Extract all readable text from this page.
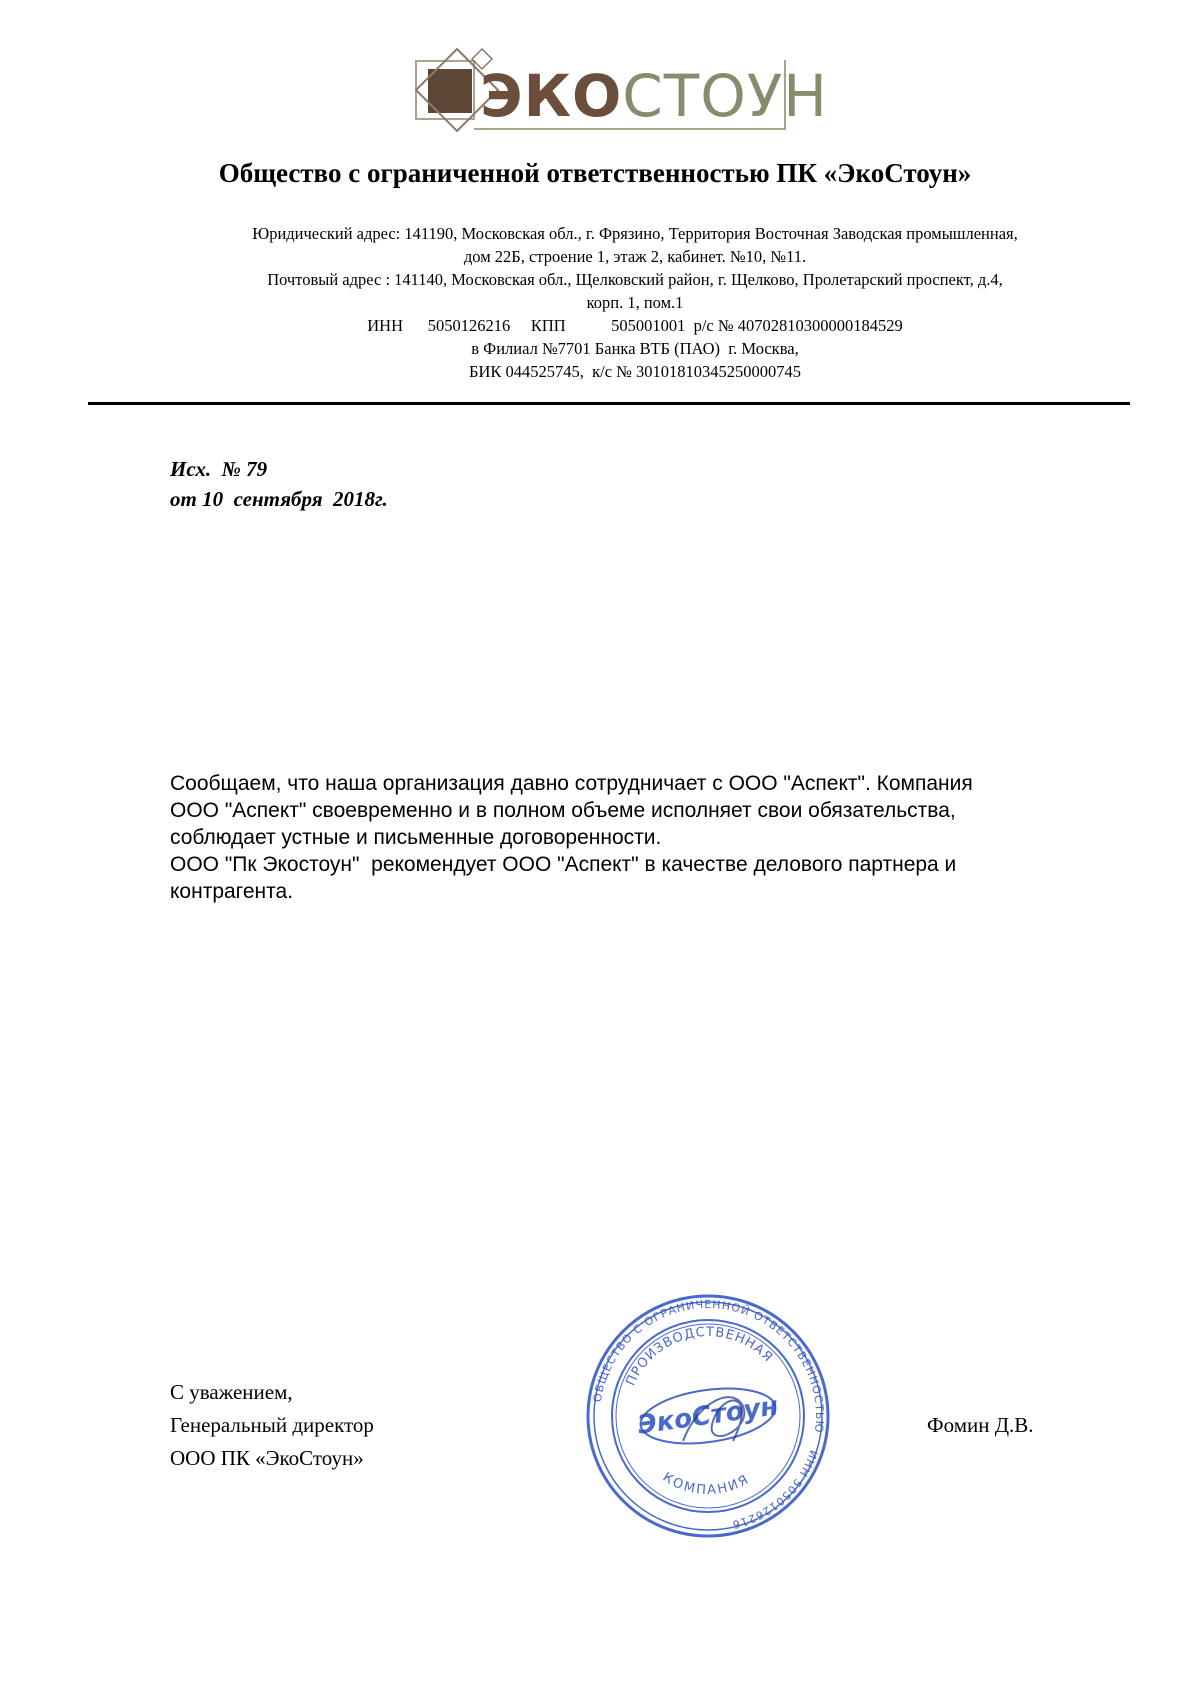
ЭКОСТОУН
Общество с ограниченной ответственностью ПК «ЭкоСтоун»
Юридический адрес: 141190, Московская обл., г. Фрязино, Территория Восточная Заводская промышленная,
дом 22Б, строение 1, этаж 2, кабинет. №10, №11.
Почтовый адрес : 141140, Московская обл., Щелковский район, г. Щелково, Пролетарский проспект, д.4,
корп. 1, пом.1
ИНН      5050126216     КПП           505001001  р/с № 40702810300000184529
в Филиал №7701 Банка ВТБ (ПАО)  г. Москва,
БИК 044525745,  к/с № 30101810345250000745
Исх.  № 79
от 10  сентября  2018г.
Сообщаем, что наша организация давно сотрудничает с ООО "Аспект". Компания
ООО "Аспект" своевременно и в полном объеме исполняет свои обязательства,
соблюдает устные и письменные договоренности.
ООО "Пк Экостоун"  рекомендует ООО "Аспект" в качестве делового партнера и
контрагента.
С уважением,
Генеральный директор
ООО ПК «ЭкоСтоун»
Фомин Д.В.
ОБЩЕСТВО С ОГРАНИЧЕННОЙ ОТВЕТСТВЕННОСТЬЮ
ИНН 5050126216
ПРОИЗВОДСТВЕННАЯ
ЭкоСтоун
КОМПАНИЯ
